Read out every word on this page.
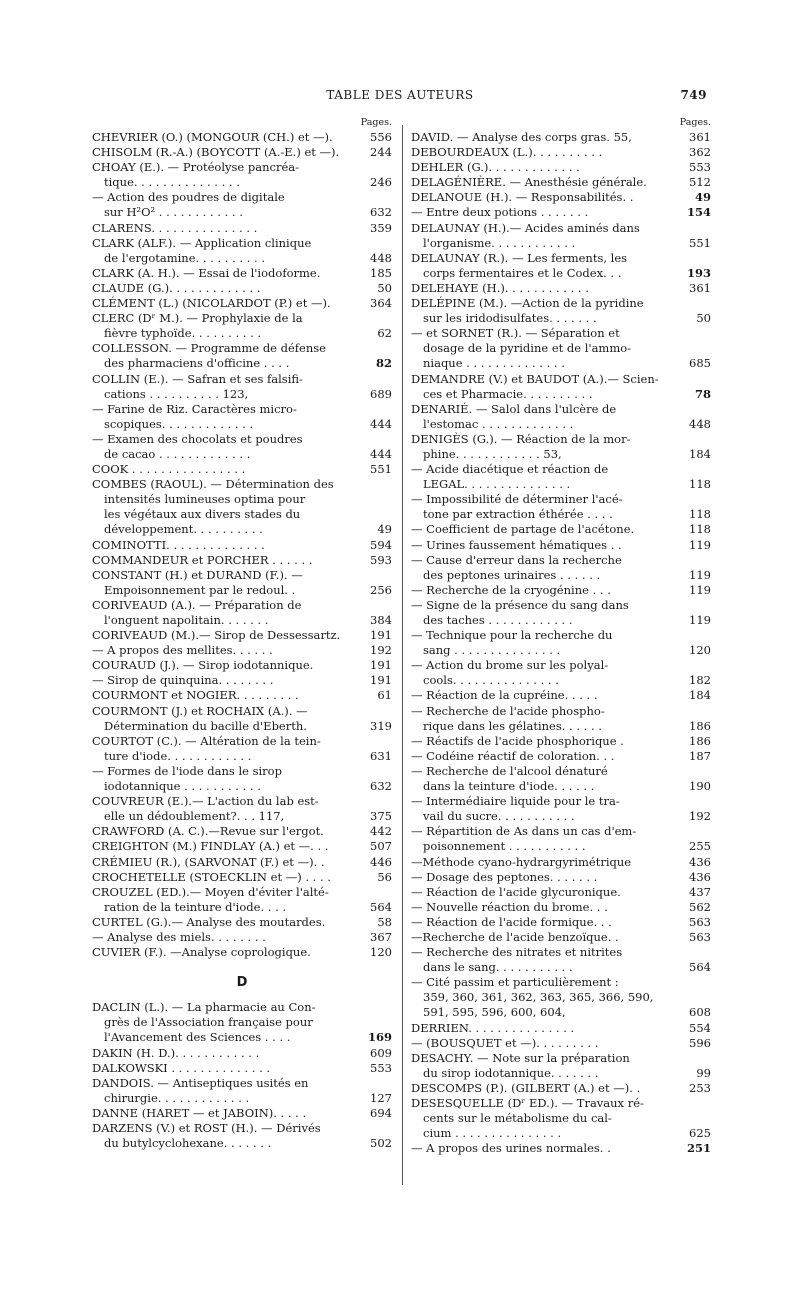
TABLE DES AUTEURS	749
Pages.
CHEVRIER (O.) (MONGOUR (CH.) et —).	556
CHISOLM (R.-A.) (BOYCOTT (A.-E.) et —).	244
CHOAY (E.). — Protéolyse pancréa-
tique. . . . . . . . . . . . . . .	246
— Action des poudres de digitale
sur H²O² . . . . . . . . . . . .	632
CLARENS. . . . . . . . . . . . . . .	359
CLARK (ALF.). — Application clinique
de l'ergotamine. . . . . . . . . .	448
CLARK (A. H.). — Essai de l'iodoforme.	185
CLAUDE (G.). . . . . . . . . . . . .	50
CLÉMENT (L.) (NICOLARDOT (P.) et —).	364
CLERC (Dʳ M.). — Prophylaxie de la
fièvre typhoïde. . . . . . . . . .	62
COLLESSON. — Programme de défense
des pharmaciens d'officine . . . .	82
COLLIN (E.). — Safran et ses falsifi-
cations . . . . . . . . . . 123,	689
— Farine de Riz. Caractères micro-
scopiques. . . . . . . . . . . . .	444
— Examen des chocolats et poudres
de cacao . . . . . . . . . . . . .	444
COOK . . . . . . . . . . . . . . . .	551
COMBES (RAOUL). — Détermination des
intensités lumineuses optima pour
les végétaux aux divers stades du
développement. . . . . . . . . .	49
COMINOTTI. . . . . . . . . . . . . .	594
COMMANDEUR et PORCHER . . . . . .	593
CONSTANT (H.) et DURAND (F.). —
Empoisonnement par le redoul. .	256
CORIVEAUD (A.). — Préparation de
l'onguent napolitain. . . . . . .	384
CORIVEAUD (M.).— Sirop de Dessessartz.	191
— A propos des mellites. . . . . .	192
COURAUD (J.). — Sirop iodotannique.	191
— Sirop de quinquina. . . . . . . .	191
COURMONT et NOGIER. . . . . . . . .	61
COURMONT (J.) et ROCHAIX (A.). —
Détermination du bacille d'Eberth.	319
COURTOT (C.). — Altération de la tein-
ture d'iode. . . . . . . . . . . .	631
— Formes de l'iode dans le sirop
iodotannique . . . . . . . . . . .	632
COUVREUR (E.).— L'action du lab est-
elle un dédoublement?. . . 117,	375
CRAWFORD (A. C.).—Revue sur l'ergot.	442
CREIGHTON (M.) FINDLAY (A.) et —. . .	507
CRÉMIEU (R.), (SARVONAT (F.) et —). .	446
CROCHETELLE (STOECKLIN et —) . . . .	56
CROUZEL (ED.).— Moyen d'éviter l'alté-
ration de la teinture d'iode. . . .	564
CURTEL (G.).— Analyse des moutardes.	58
— Analyse des miels. . . . . . . .	367
CUVIER (F.). —Analyse coprologique.	120
D
DACLIN (L.). — La pharmacie au Con-
grès de l'Association française pour
l'Avancement des Sciences . . . .	169
DAKIN (H. D.). . . . . . . . . . . .	609
DALKOWSKI . . . . . . . . . . . . . .	553
DANDOIS. — Antiseptiques usités en
chirurgie. . . . . . . . . . . . .	127
DANNE (HARET — et JABOIN). . . . .	694
DARZENS (V.) et ROST (H.). — Dérivés
du butylcyclohexane. . . . . . .	502
Pages.
DAVID. — Analyse des corps gras. 55,	361
DEBOURDEAUX (L.). . . . . . . . . .	362
DEHLER (G.). . . . . . . . . . . . .	553
DELAGÉNIÈRE. — Anesthésie générale.	512
DELANOUE (H.). — Responsabilités. .	49
— Entre deux potions . . . . . . .	154
DELAUNAY (H.).— Acides aminés dans
l'organisme. . . . . . . . . . . .	551
DELAUNAY (R.). — Les ferments, les
corps fermentaires et le Codex. . .	193
DELEHAYE (H.). . . . . . . . . . . .	361
DELÉPINE (M.). —Action de la pyridine
sur les iridodisulfates. . . . . . .	50
— et SORNET (R.). — Séparation et
dosage de la pyridine et de l'ammo-
niaque . . . . . . . . . . . . . .	685
DEMANDRE (V.) et BAUDOT (A.).— Scien-
ces et Pharmacie. . . . . . . . . .	78
DENARIÉ. — Salol dans l'ulcère de
l'estomac . . . . . . . . . . . . .	448
DENIGÈS (G.). — Réaction de la mor-
phine. . . . . . . . . . . . 53,	184
— Acide diacétique et réaction de
LEGAL. . . . . . . . . . . . . . .	118
— Impossibilité de déterminer l'acé-
tone par extraction éthérée . . . .	118
— Coefficient de partage de l'acétone.	118
— Urines faussement hématiques . .	119
— Cause d'erreur dans la recherche
des peptones urinaires . . . . . .	119
— Recherche de la cryogénine . . .	119
— Signe de la présence du sang dans
des taches . . . . . . . . . . . .	119
— Technique pour la recherche du
sang . . . . . . . . . . . . . . .	120
— Action du brome sur les polyal-
cools. . . . . . . . . . . . . . .	182
— Réaction de la cupréine. . . . .	184
— Recherche de l'acide phospho-
rique dans les gélatines. . . . . .	186
— Réactifs de l'acide phosphorique .	186
— Codéine réactif de coloration. . .	187
— Recherche de l'alcool dénaturé
dans la teinture d'iode. . . . . .	190
— Intermédiaire liquide pour le tra-
vail du sucre. . . . . . . . . . .	192
— Répartition de As dans un cas d'em-
poisonnement . . . . . . . . . . .	255
—Méthode cyano-hydrargyrimétrique	436
— Dosage des peptones. . . . . . .	436
— Réaction de l'acide glycuronique.	437
— Nouvelle réaction du brome. . .	562
— Réaction de l'acide formique. . .	563
—Recherche de l'acide benzoïque. .	563
— Recherche des nitrates et nitrites
dans le sang. . . . . . . . . . .	564
— Cité passim et particulièrement :
359, 360, 361, 362, 363, 365, 366, 590,
591, 595, 596, 600, 604,	608
DERRIEN. . . . . . . . . . . . . . .	554
— (BOUSQUET et —). . . . . . . . .	596
DESACHY. — Note sur la préparation
du sirop iodotannique. . . . . . .	99
DESCOMPS (P.). (GILBERT (A.) et —). .	253
DESESQUELLE (Dʳ ED.). — Travaux ré-
cents sur le métabolisme du cal-
cium . . . . . . . . . . . . . . .	625
— A propos des urines normales. .	251
